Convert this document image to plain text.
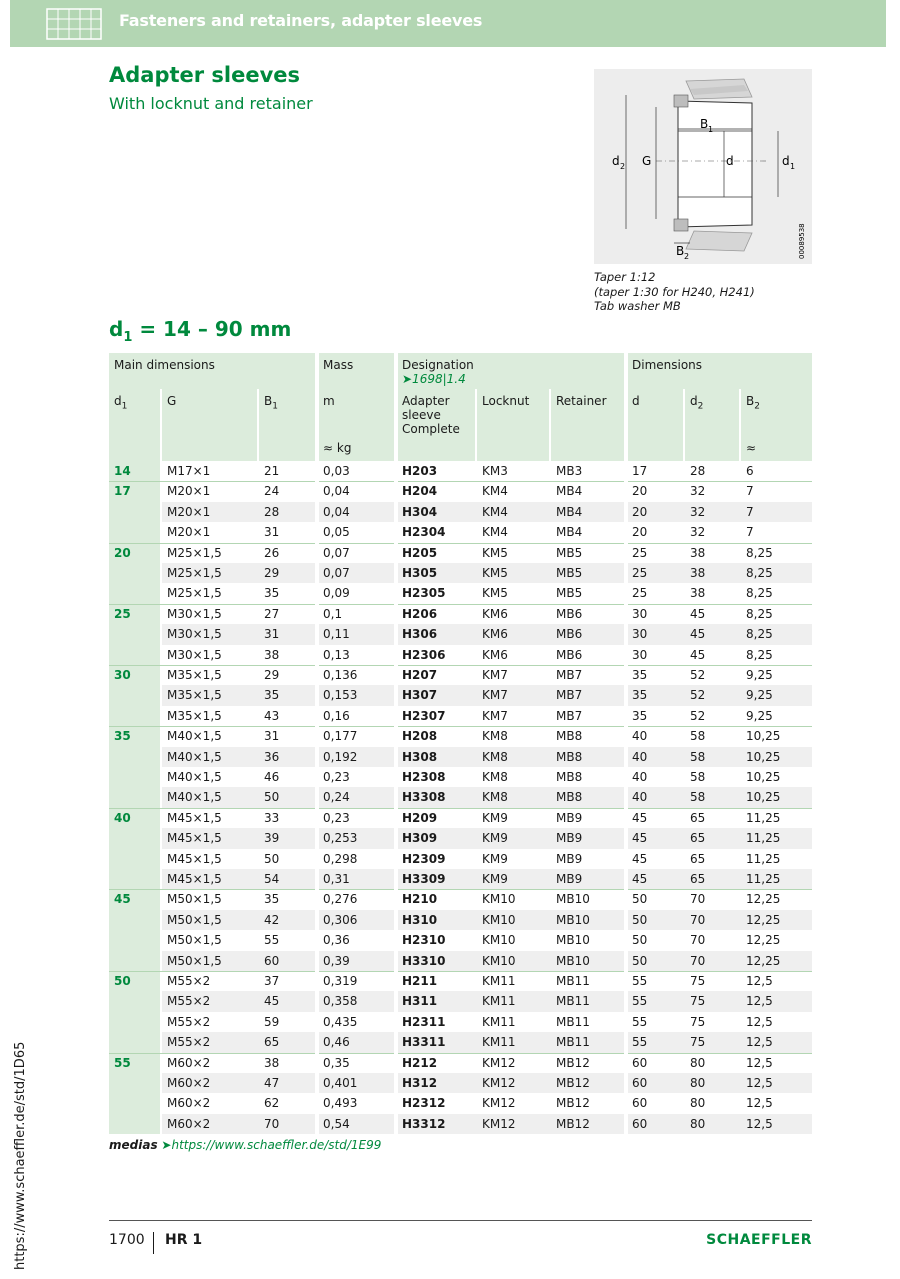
Fasteners and retainers, adapter sleeves
Adapter sleeves
With locknut and retainer
d 2 G
B 1
d	d 1
B 2	00089538
Taper 1:12
(taper 1:30 for H240, H241)
Tab washer MB
$d_1 = 14 - 90$ mm
Main dimensions	Mass	Designation
➤1698|1.4
Dimensions
$d_1$	G	$B_1$	m
≈ kg
Adapter sleeve Complete
Locknut	Retainer	d	$d_2$	$B_2$
≈
14	M17×1	21	0,03	H203	KM3	MB3	17	28	6
17	M20×1	24	0,04	H204	KM4	MB4	20	32	7
M20×1	28	0,04	H304	KM4	MB4	20	32	7
M20×1	31	0,05	H2304	KM4	MB4	20	32	7
20	M25×1,5	26	0,07	H205	KM5	MB5	25	38	8,25
M25×1,5	29	0,07	H305	KM5	MB5	25	38	8,25
M25×1,5	35	0,09	H2305	KM5	MB5	25	38	8,25
25	M30×1,5	27	0,1	H206	KM6	MB6	30	45	8,25
M30×1,5	31	0,11	H306	KM6	MB6	30	45	8,25
M30×1,5	38	0,13	H2306	KM6	MB6	30	45	8,25
30	M35×1,5	29	0,136	H207	KM7	MB7	35	52	9,25
M35×1,5	35	0,153	H307	KM7	MB7	35	52	9,25
M35×1,5	43	0,16	H2307	KM7	MB7	35	52	9,25
35	M40×1,5	31	0,177	H208	KM8	MB8	40	58	10,25
M40×1,5	36	0,192	H308	KM8	MB8	40	58	10,25
M40×1,5	46	0,23	H2308	KM8	MB8	40	58	10,25
M40×1,5	50	0,24	H3308	KM8	MB8	40	58	10,25
40	M45×1,5	33	0,23	H209	KM9	MB9	45	65	11,25
M45×1,5	39	0,253	H309	KM9	MB9	45	65	11,25
M45×1,5	50	0,298	H2309	KM9	MB9	45	65	11,25
M45×1,5	54	0,31	H3309	KM9	MB9	45	65	11,25
45	M50×1,5	35	0,276	H210	KM10	MB10	50	70	12,25
M50×1,5	42	0,306	H310	KM10	MB10	50	70	12,25
M50×1,5	55	0,36	H2310	KM10	MB10	50	70	12,25
M50×1,5	60	0,39	H3310	KM10	MB10	50	70	12,25
50	M55×2	37	0,319	H211	KM11	MB11	55	75	12,5
M55×2	45	0,358	H311	KM11	MB11	55	75	12,5
M55×2	59	0,435	H2311	KM11	MB11	55	75	12,5
M55×2	65	0,46	H3311	KM11	MB11	55	75	12,5
55	M60×2	38	0,35	H212	KM12	MB12	60	80	12,5
M60×2	47	0,401	H312	KM12	MB12	60	80	12,5
M60×2	62	0,493	H2312	KM12	MB12	60	80	12,5
M60×2	70	0,54	H3312	KM12	MB12	60	80	12,5
medias ➤https://www.schaeffler.de/std/1E99
https://www.schaeffler.de/std/1D65	1700 HR 1	SCHAEFFLER
